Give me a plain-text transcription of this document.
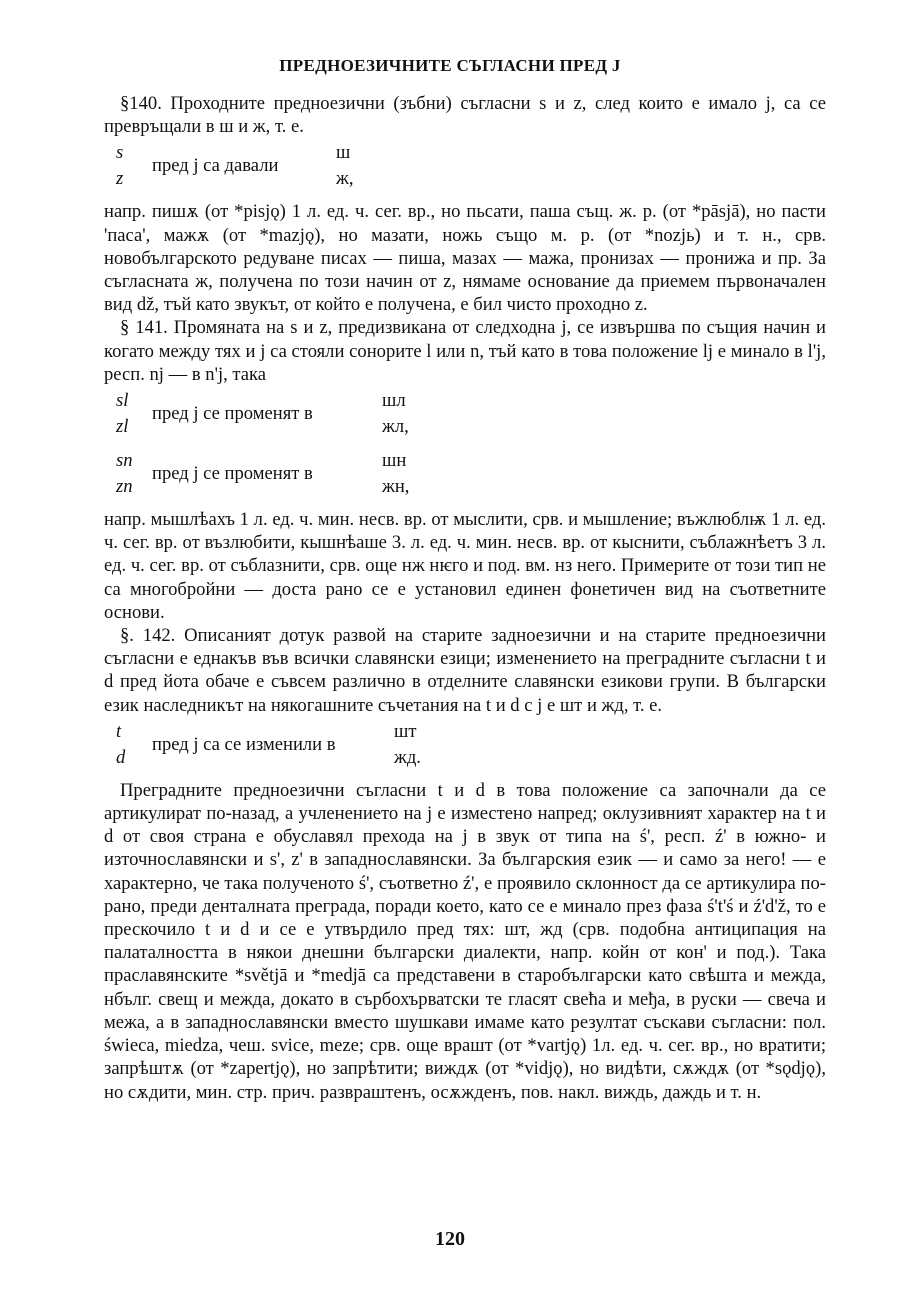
ПРЕДНОЕЗИЧНИТЕ СЪГЛАСНИ ПРЕД J

§140. Проходните предноезични (зъбни) съгласни s и z, след които е имало j, са се превръщали в ш и ж, т. е.

s
z
пред j са давали
ш
ж,

напр. пишѫ (от *pisjǫ) 1 л. ед. ч. сег. вр., но пьсати, паша същ. ж. р. (от *pāsjā), но пасти 'паса', мажѫ (от *mazjǫ), но мазати, ножь също м. р. (от *nozjь) и т. н., срв. новобългарското редуване писах — пиша, мазах — мажа, пронизах — пронижа и пр. За съгласната ж, получена по този начин от z, нямаме основание да приемем първоначален вид dž, тъй като звукът, от който е получена, е бил чисто проходно z.

§ 141. Промяната на s и z, предизвикана от следходна j, се извършва по същия начин и когато между тях и j са стояли сонорите l или n, тъй като в това положение lj е минало в l'j, респ. nj — в n'j, така

sl
zl
пред j се променят в
шл
жл,
sn
zn
пред j се променят в
шн
жн,

напр. мышлѣахъ 1 л. ед. ч. мин. несв. вр. от мыслити, срв. и мышление; въжлюблѭ 1 л. ед. ч. сег. вр. от възлюбити, кышнѣаше 3. л. ед. ч. мин. несв. вр. от кыснити, съблажнѣетъ 3 л. ед. ч. сег. вр. от съблазнити, срв. още нж нѥго и под. вм. нз него. Примерите от този тип не са многобройни — доста рано се е установил единен фонетичен вид на съответните основи.

§. 142. Описаният дотук развой на старите задноезични и на старите предноезични съгласни е еднакъв във всички славянски езици; изменението на преградните съгласни t и d пред йота обаче е съвсем различно в отделните славянски езикови групи. В български език наследникът на някогашните съчетания на t и d с j е шт и жд, т. е.

t
d
пред j са се изменили в
шт
жд.

Преградните предноезични съгласни t и d в това положение са започнали да се артикулират по-назад, а учленението на j е изместено напред; оклузивният характер на t и d от своя страна е обуславял прехода на j в звук от типа на ś', респ. ź' в южно- и източнославянски и s', z' в западнославянски. За българския език — и само за него! — е характерно, че така полученото ś', съответно ź', е проявило склонност да се артикулира по-рано, преди денталната преграда, поради което, като се е минало през фаза ś't'ś и ź'd'ž, то е прескочило t и d и се е утвърдило пред тях: шт, жд (срв. подобна антиципация на палаталността в някои днешни български диалекти, напр. койн от кон' и под.). Така праславянските *světjā и *medjā са представени в старобългарски като свѣшта и межда, нбълг. свещ и межда, докато в сърбохърватски те гласят свећа и међа, в руски — свеча и межа, а в западнославянски вместо шушкави имаме като резултат съскави съгласни: пол. świeca, miedza, чеш. svice, meze; срв. още врашт (от *vartjǫ) 1л. ед. ч. сег. вр., но вратити; запрѣштѫ (от *zapertjǫ), но запрѣтити; виждѫ (от *vidjǫ), но видѣти, сѫждѫ (от *sǫdjǫ), но сѫдити, мин. стр. прич. развраштенъ, осѫжденъ, пов. накл. виждь, даждь и т. н.

120
